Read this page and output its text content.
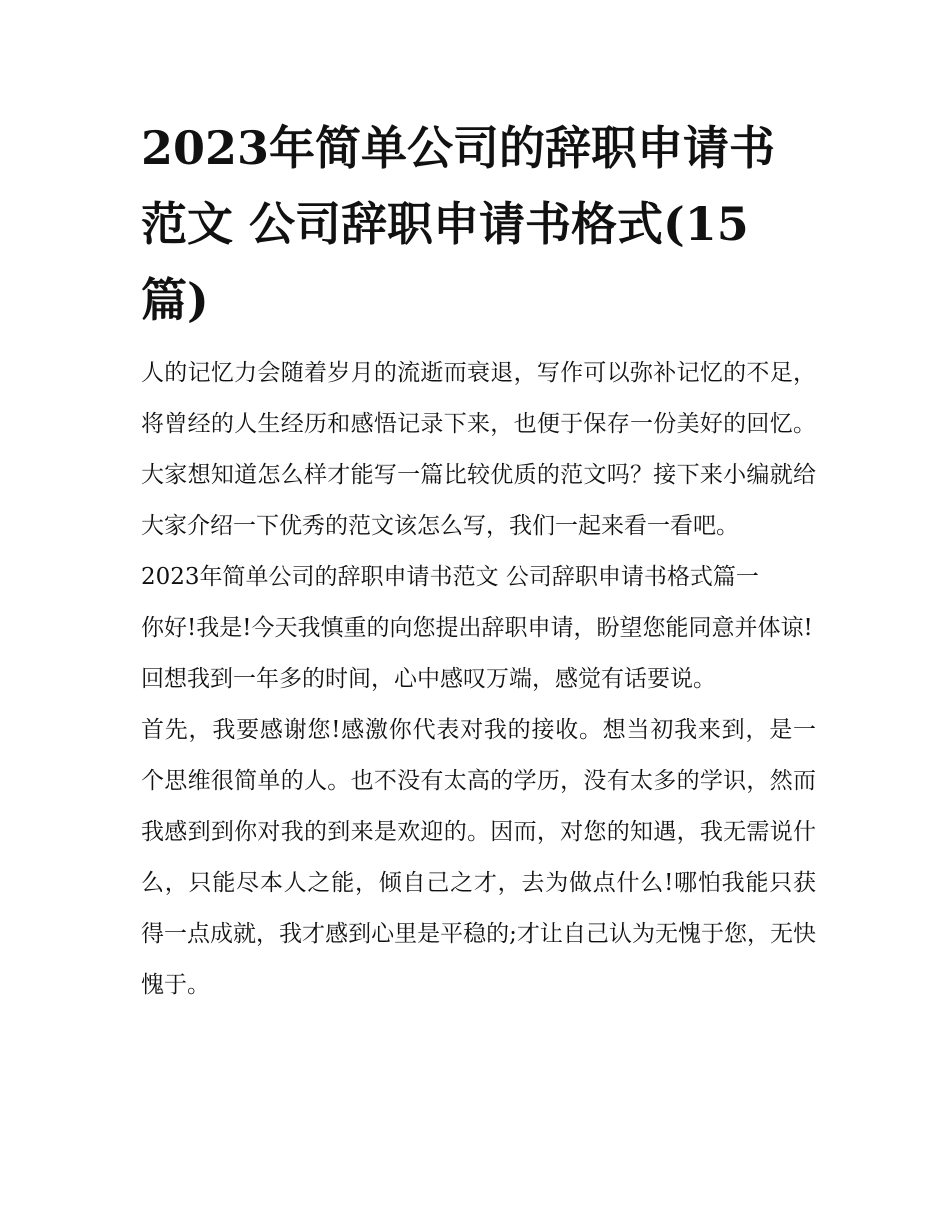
2023年简单公司的辞职申请书范文 公司辞职申请书格式(15篇)

人的记忆力会随着岁月的流逝而衰退，写作可以弥补记忆的不足，将曾经的人生经历和感悟记录下来，也便于保存一份美好的回忆。大家想知道怎么样才能写一篇比较优质的范文吗？接下来小编就给大家介绍一下优秀的范文该怎么写，我们一起来看一看吧。

2023年简单公司的辞职申请书范文 公司辞职申请书格式篇一

你好!我是!今天我慎重的向您提出辞职申请，盼望您能同意并体谅!

回想我到一年多的时间，心中感叹万端，感觉有话要说。

首先，我要感谢您!感激你代表对我的接收。想当初我来到，是一个思维很简单的人。也不没有太高的学历，没有太多的学识，然而我感到到你对我的到来是欢迎的。因而，对您的知遇，我无需说什么，只能尽本人之能，倾自己之才，去为做点什么!哪怕我能只获得一点成就，我才感到心里是平稳的;才让自己认为无愧于您，无快愧于。
